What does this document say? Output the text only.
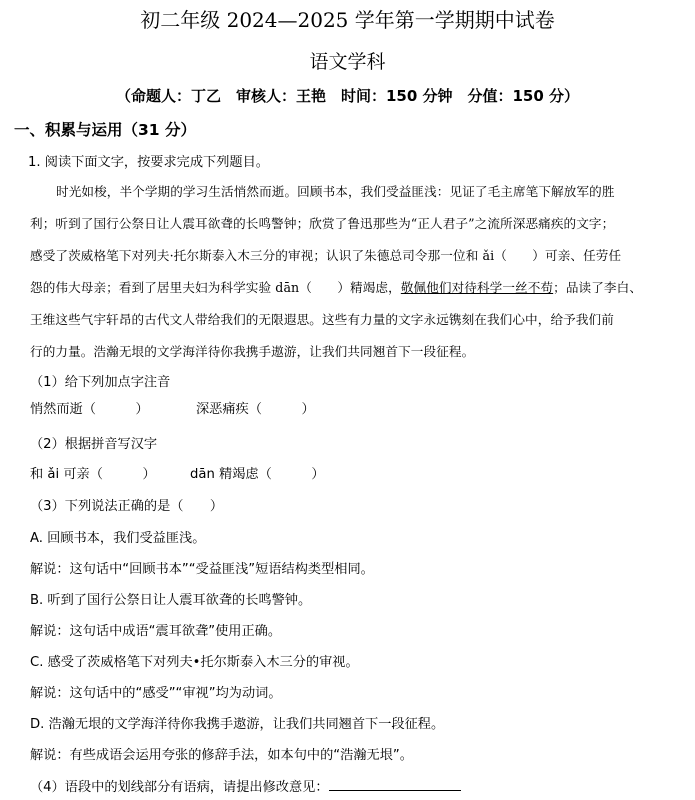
初二年级 2024—2025 学年第一学期期中试卷
语文学科
（命题人：丁乙　审核人：王艳　时间：150 分钟　分值：150 分）
一、积累与运用（31 分）
1. 阅读下面文字，按要求完成下列题目。
时光如梭，半个学期的学习生活悄然而逝。回顾书本，我们受益匪浅：见证了毛主席笔下解放军的胜
利；听到了国行公祭日让人震耳欲聋的长鸣警钟；欣赏了鲁迅那些为“正人君子”之流所深恶痛疾的文字；
感受了茨威格笔下对列夫·托尔斯泰入木三分的审视；认识了朱德总司令那一位和 ǎi（　　）可亲、任劳任
怨的伟大母亲；看到了居里夫妇为科学实验 dān（　　）精竭虑，敬佩他们对待科学一丝不苟；品读了李白、
王维这些气宇轩昂的古代文人带给我们的无限遐思。这些有力量的文字永远镌刻在我们心中，给予我们前
行的力量。浩瀚无垠的文学海洋待你我携手遨游，让我们共同翘首下一段征程。
（1）给下列加点字注音
悄然而逝（　　　）	深恶痛疾（　　　）
（2）根据拼音写汉字
和 ǎi 可亲（　　　）	dān 精竭虑（　　　）
（3）下列说法正确的是（　　）
A. 回顾书本，我们受益匪浅。
解说：这句话中“回顾书本”“受益匪浅”短语结构类型相同。
B. 听到了国行公祭日让人震耳欲聋的长鸣警钟。
解说：这句话中成语“震耳欲聋”使用正确。
C. 感受了茨威格笔下对列夫•托尔斯泰入木三分的审视。
解说：这句话中的“感受”“审视”均为动词。
D. 浩瀚无垠的文学海洋待你我携手遨游，让我们共同翘首下一段征程。
解说：有些成语会运用夸张的修辞手法，如本句中的“浩瀚无垠”。
（4）语段中的划线部分有语病，请提出修改意见：
